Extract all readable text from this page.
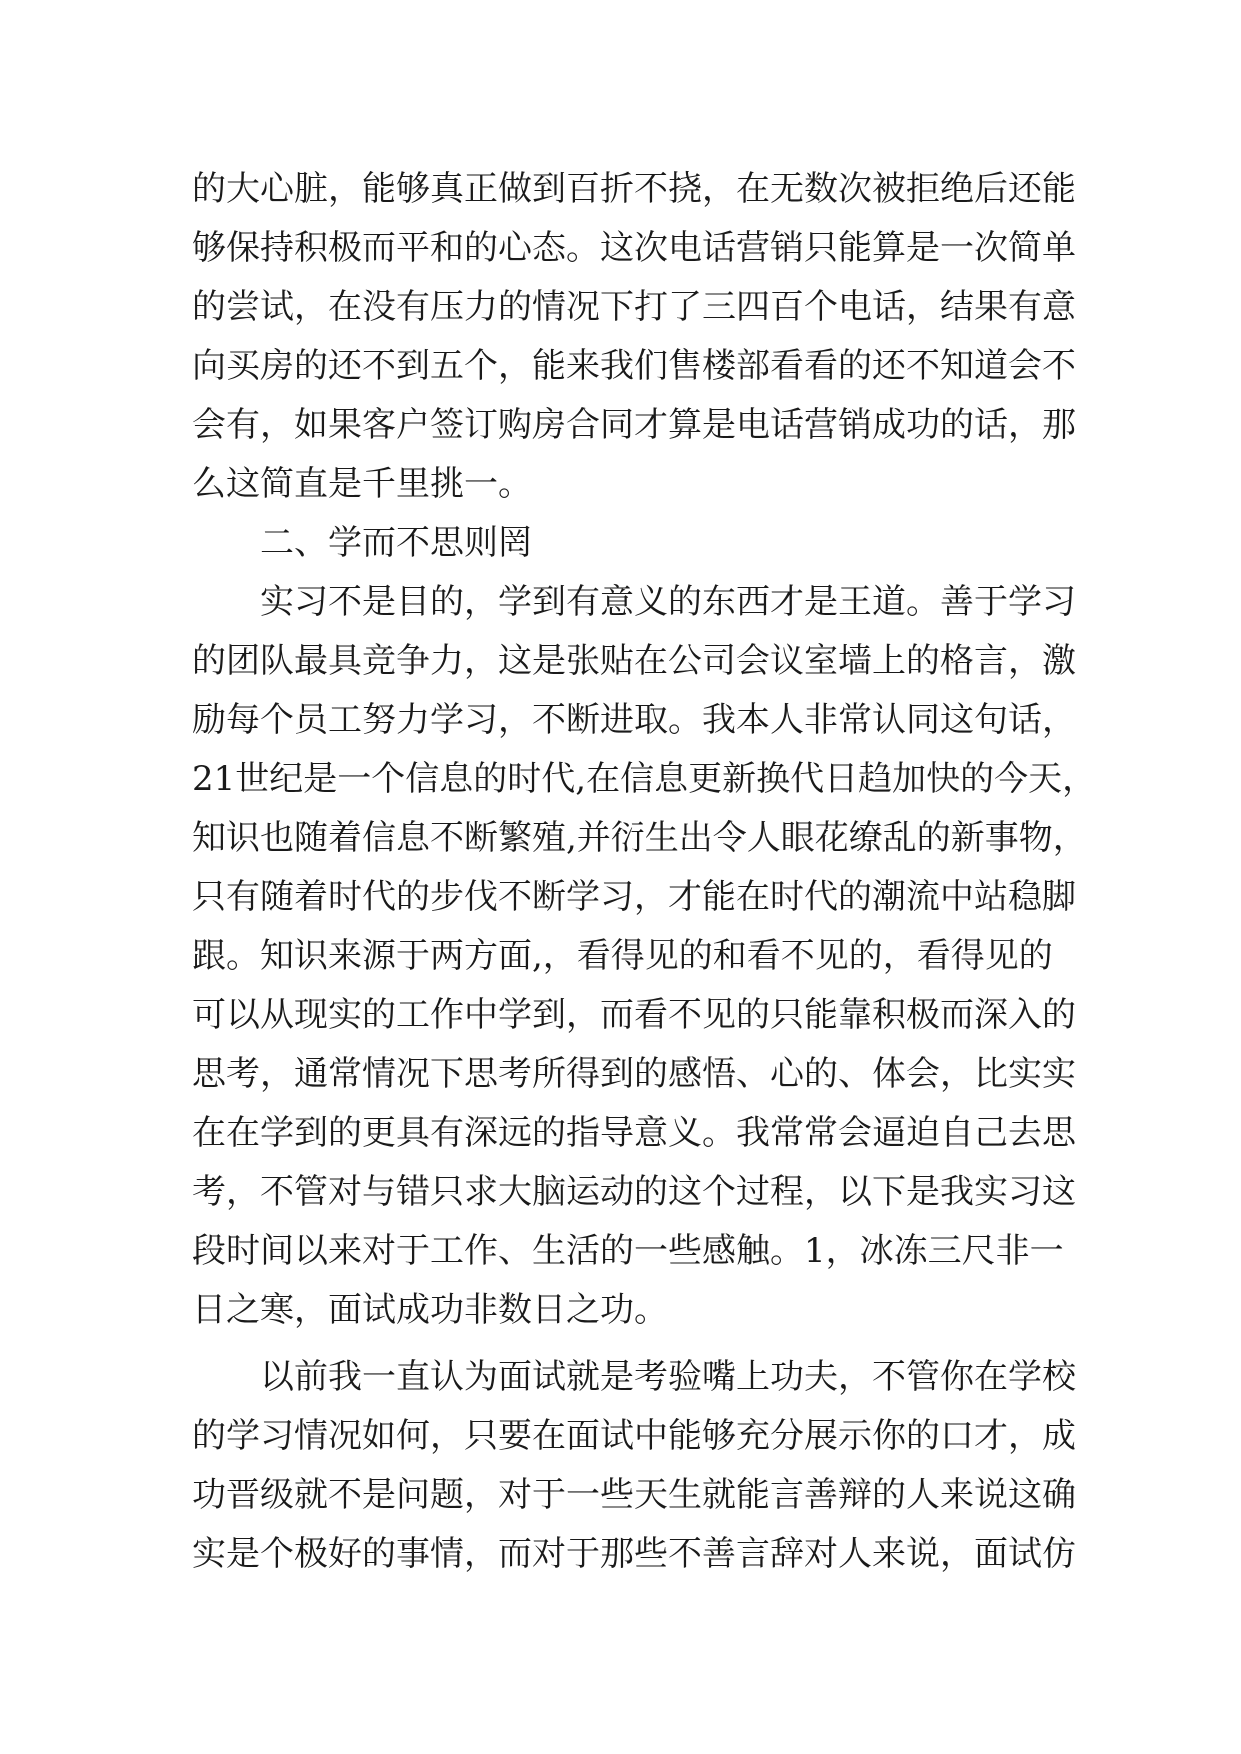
的大心脏，能够真正做到百折不挠，在无数次被拒绝后还能
够保持积极而平和的心态。这次电话营销只能算是一次简单
的尝试，在没有压力的情况下打了三四百个电话，结果有意
向买房的还不到五个，能来我们售楼部看看的还不知道会不
会有，如果客户签订购房合同才算是电话营销成功的话，那
么这简直是千里挑一。
二、学而不思则罔
实习不是目的，学到有意义的东西才是王道。善于学习
的团队最具竞争力，这是张贴在公司会议室墙上的格言，激
励每个员工努力学习，不断进取。我本人非常认同这句话，
21世纪是一个信息的时代,在信息更新换代日趋加快的今天，
知识也随着信息不断繁殖,并衍生出令人眼花缭乱的新事物，
只有随着时代的步伐不断学习，才能在时代的潮流中站稳脚
跟。知识来源于两方面,，看得见的和看不见的，看得见的
可以从现实的工作中学到，而看不见的只能靠积极而深入的
思考，通常情况下思考所得到的感悟、心的、体会，比实实
在在学到的更具有深远的指导意义。我常常会逼迫自己去思
考，不管对与错只求大脑运动的这个过程，以下是我实习这
段时间以来对于工作、生活的一些感触。1，冰冻三尺非一
日之寒，面试成功非数日之功。
以前我一直认为面试就是考验嘴上功夫，不管你在学校
的学习情况如何，只要在面试中能够充分展示你的口才，成
功晋级就不是问题，对于一些天生就能言善辩的人来说这确
实是个极好的事情，而对于那些不善言辞对人来说，面试仿
